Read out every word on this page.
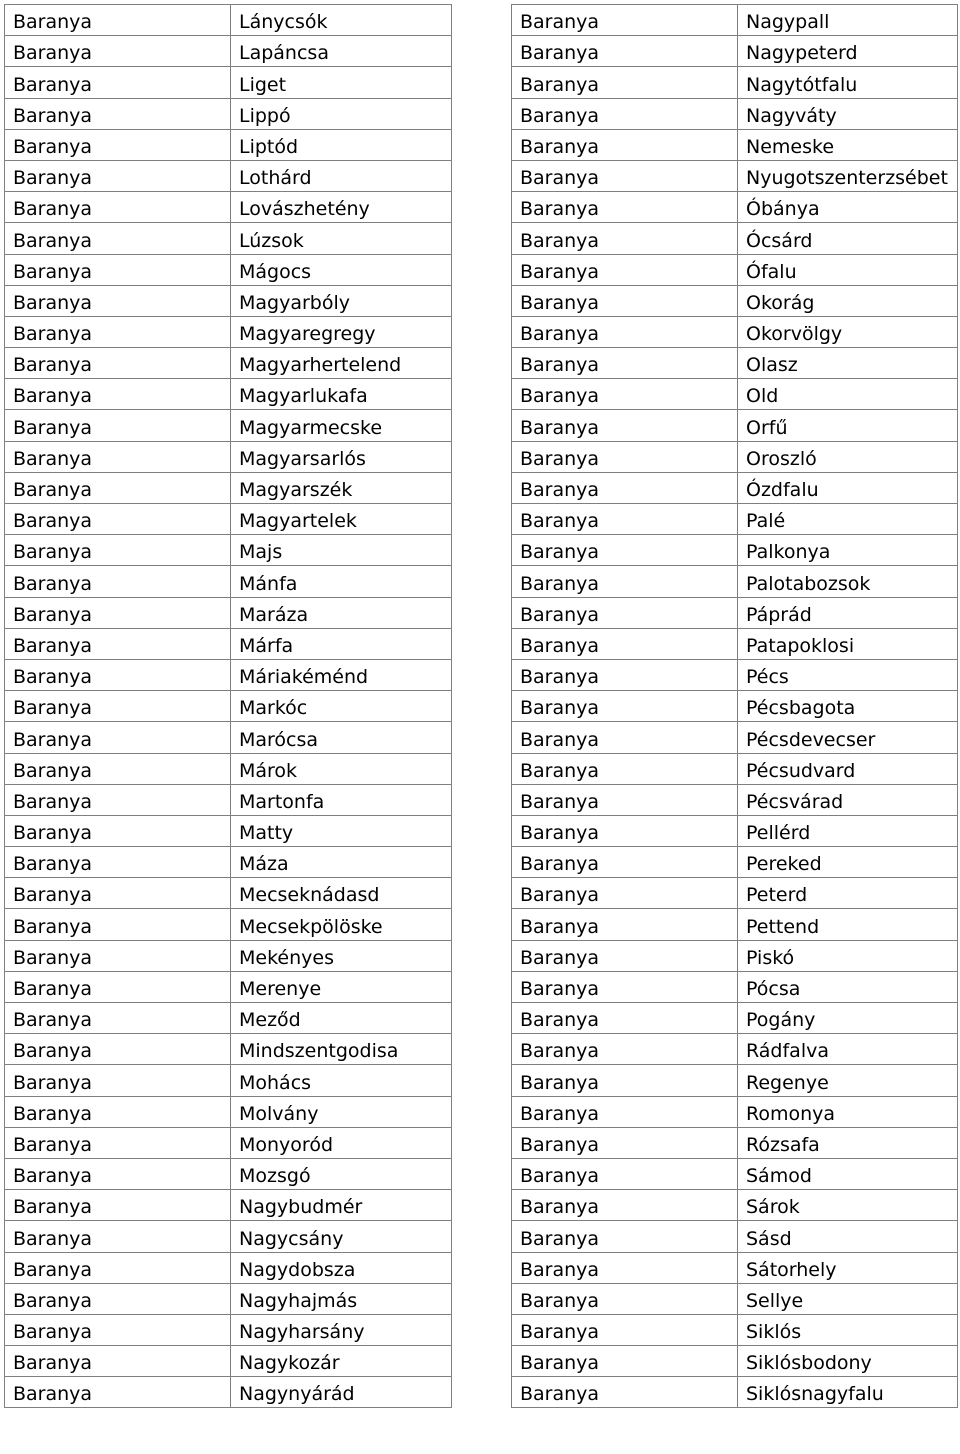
Baranya	Lánycsók
Baranya	Lapáncsa
Baranya	Liget
Baranya	Lippó
Baranya	Liptód
Baranya	Lothárd
Baranya	Lovászhetény
Baranya	Lúzsok
Baranya	Mágocs
Baranya	Magyarbóly
Baranya	Magyaregregy
Baranya	Magyarhertelend
Baranya	Magyarlukafa
Baranya	Magyarmecske
Baranya	Magyarsarlós
Baranya	Magyarszék
Baranya	Magyartelek
Baranya	Majs
Baranya	Mánfa
Baranya	Maráza
Baranya	Márfa
Baranya	Máriakéménd
Baranya	Markóc
Baranya	Marócsa
Baranya	Márok
Baranya	Martonfa
Baranya	Matty
Baranya	Máza
Baranya	Mecseknádasd
Baranya	Mecsekpölöske
Baranya	Mekényes
Baranya	Merenye
Baranya	Meződ
Baranya	Mindszentgodisa
Baranya	Mohács
Baranya	Molvány
Baranya	Monyoród
Baranya	Mozsgó
Baranya	Nagybudmér
Baranya	Nagycsány
Baranya	Nagydobsza
Baranya	Nagyhajmás
Baranya	Nagyharsány
Baranya	Nagykozár
Baranya	Nagynyárád
Baranya	Nagypall
Baranya	Nagypeterd
Baranya	Nagytótfalu
Baranya	Nagyváty
Baranya	Nemeske
Baranya	Nyugotszenterzsébet
Baranya	Óbánya
Baranya	Ócsárd
Baranya	Ófalu
Baranya	Okorág
Baranya	Okorvölgy
Baranya	Olasz
Baranya	Old
Baranya	Orfű
Baranya	Oroszló
Baranya	Ózdfalu
Baranya	Palé
Baranya	Palkonya
Baranya	Palotabozsok
Baranya	Páprád
Baranya	Patapoklosi
Baranya	Pécs
Baranya	Pécsbagota
Baranya	Pécsdevecser
Baranya	Pécsudvard
Baranya	Pécsvárad
Baranya	Pellérd
Baranya	Pereked
Baranya	Peterd
Baranya	Pettend
Baranya	Piskó
Baranya	Pócsa
Baranya	Pogány
Baranya	Rádfalva
Baranya	Regenye
Baranya	Romonya
Baranya	Rózsafa
Baranya	Sámod
Baranya	Sárok
Baranya	Sásd
Baranya	Sátorhely
Baranya	Sellye
Baranya	Siklós
Baranya	Siklósbodony
Baranya	Siklósnagyfalu
